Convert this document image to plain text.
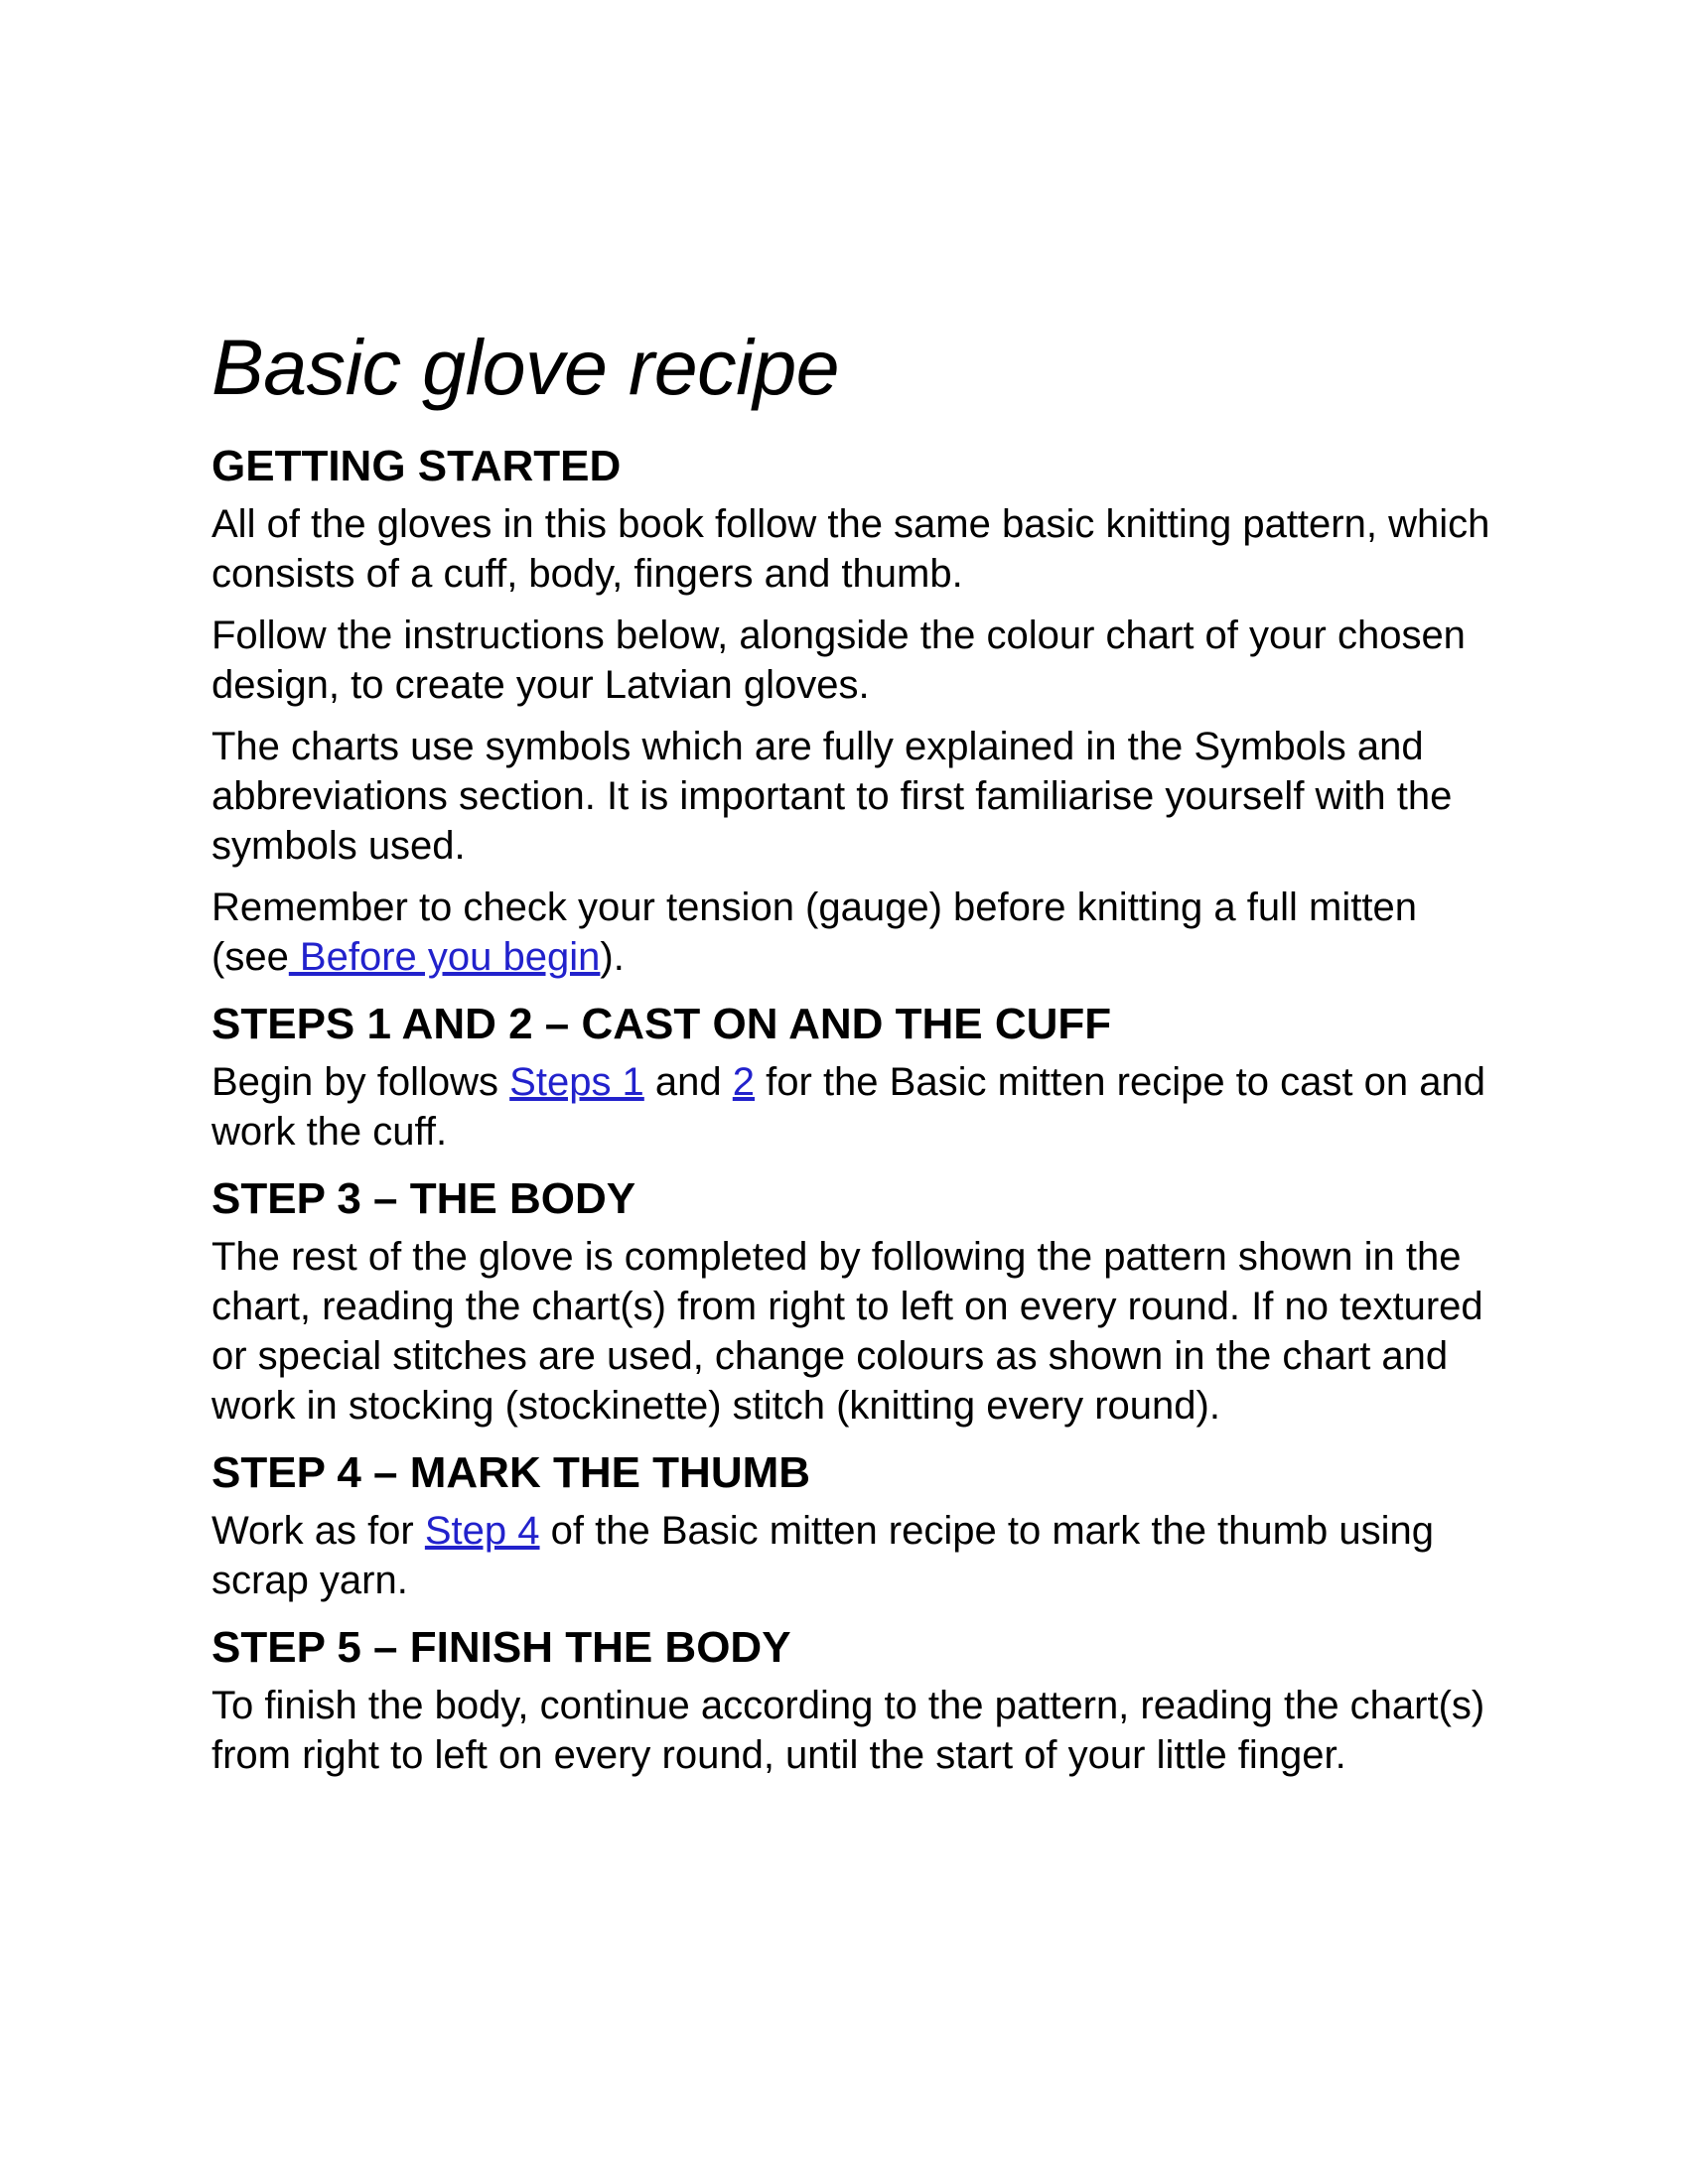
Basic glove recipe
GETTING STARTED

All of the gloves in this book follow the same basic knitting pattern, which consists of a cuff, body, fingers and thumb.

Follow the instructions below, alongside the colour chart of your chosen design, to create your Latvian gloves.

The charts use symbols which are fully explained in the Symbols and abbreviations section. It is important to first familiarise yourself with the symbols used.

Remember to check your tension (gauge) before knitting a full mitten (see Before you begin).

STEPS 1 AND 2 – CAST ON AND THE CUFF

Begin by follows Steps 1 and 2 for the Basic mitten recipe to cast on and work the cuff.

STEP 3 – THE BODY

The rest of the glove is completed by following the pattern shown in the chart, reading the chart(s) from right to left on every round. If no textured or special stitches are used, change colours as shown in the chart and work in stocking (stockinette) stitch (knitting every round).

STEP 4 – MARK THE THUMB

Work as for Step 4 of the Basic mitten recipe to mark the thumb using scrap yarn.

STEP 5 – FINISH THE BODY

To finish the body, continue according to the pattern, reading the chart(s) from right to left on every round, until the start of your little finger.
